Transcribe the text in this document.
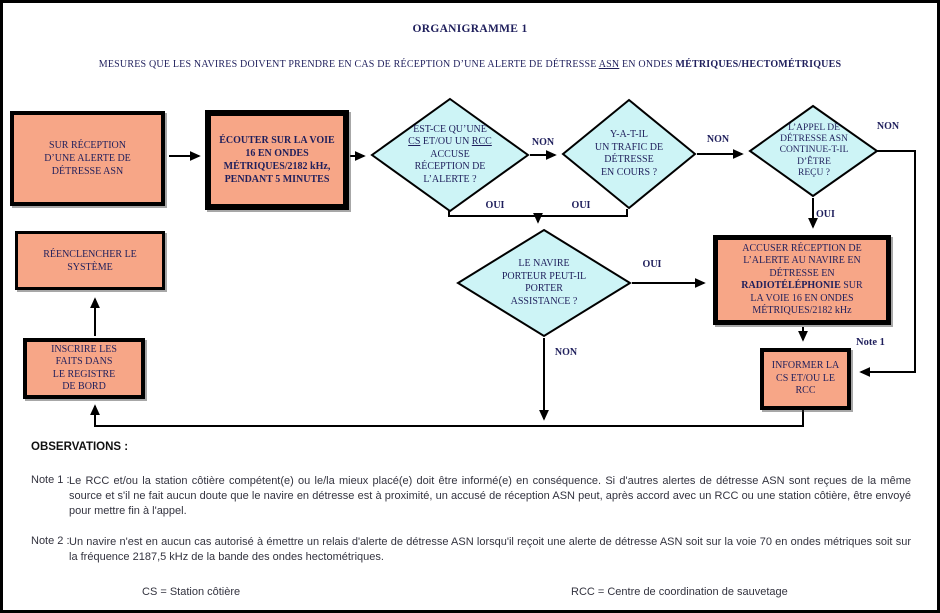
ORGANIGRAMME 1
MESURES QUE LES NAVIRES DOIVENT PRENDRE EN CAS DE RÉCEPTION D’UNE ALERTE DE DÉTRESSE ASN EN ONDES MÉTRIQUES/HECTOMÉTRIQUES
SUR RÉCEPTION
D’UNE ALERTE DE
DÉTRESSE ASN
ÉCOUTER SUR LA VOIE
16 EN ONDES
MÉTRIQUES/2182 kHz,
PENDANT 5 MINUTES
RÉENCLENCHER LE
SYSTÈME
INSCRIRE LES
FAITS DANS
LE REGISTRE
DE BORD
ACCUSER RÉCEPTION DE
L’ALERTE AU NAVIRE EN
DÉTRESSE EN
RADIOTÉLÉPHONIE SUR
LA VOIE 16 EN ONDES
MÉTRIQUES/2182 kHz
INFORMER LA
CS ET/OU LE
RCC
EST-CE QU’UNE
CS ET/OU UN RCC
ACCUSE
RÉCEPTION DE
L’ALERTE ?
Y-A-T-IL
UN TRAFIC DE
DÉTRESSE
EN COURS ?
L’APPEL DE
DÉTRESSE ASN
CONTINUE-T-IL
D’ÊTRE
REÇU ?
LE NAVIRE
PORTEUR PEUT-IL
PORTER
ASSISTANCE ?
NON	NON
NON
OUI	OUI
OUI
OUI
NON
Note 1
OBSERVATIONS :
Note 1 : Le RCC et/ou la station côtière compétent(e) ou le/la mieux placé(e) doit être informé(e) en conséquence. Si d'autres alertes de détresse ASN sont reçues de la même source et s'il ne fait aucun doute que le navire en détresse est à proximité, un accusé de réception ASN peut, après accord avec un RCC ou une station côtière, être envoyé pour mettre fin à l'appel.
Note 2 : Un navire n'est en aucun cas autorisé à émettre un relais d'alerte de détresse ASN lorsqu'il reçoit une alerte de détresse ASN soit sur la voie 70 en ondes métriques soit sur la fréquence 2187,5 kHz de la bande des ondes hectométriques.
CS = Station côtière	RCC = Centre de coordination de sauvetage
